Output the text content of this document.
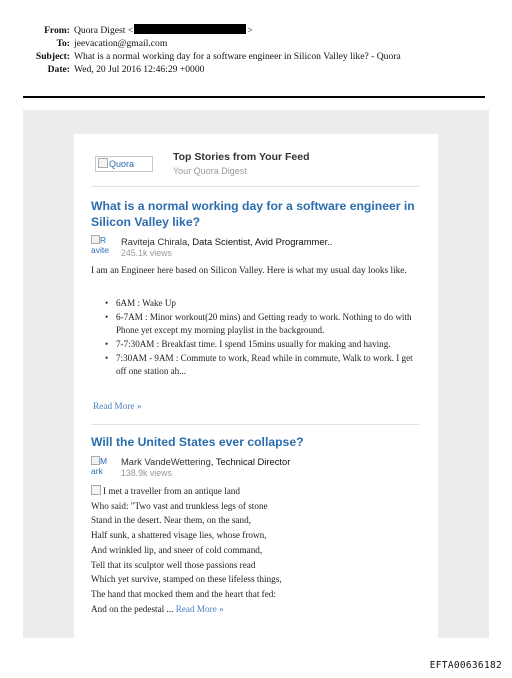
From: Quora Digest <	>
To: jeevacation@gmail.com
Subject: What is a normal working day for a software engineer in Silicon Valley like? - Quora
Date: Wed, 20 Jul 2016 12:46:29 +0000
Quora
Top Stories from Your Feed
Your Quora Digest
What is a normal working day for a software engineer in
Silicon Valley like?
R
avite
Raviteja Chirala, Data Scientist, Avid Programmer..
245.1k views
I am an Engineer here based on Silicon Valley. Here is what my usual day looks like.
• 6AM : Wake Up
• 6-7AM : Minor workout(20 mins) and Getting ready to work. Nothing to do with Phone yet except my morning playlist in the background.
• 7-7:30AM : Breakfast time. I spend 15mins usually for making and having.
• 7:30AM - 9AM : Commute to work, Read while in commute, Walk to work. I get off one station ah...
Read More »
Will the United States ever collapse?
M
ark
Mark VandeWettering, Technical Director
138.9k views
I met a traveller from an antique land
Who said: "Two vast and trunkless legs of stone
Stand in the desert. Near them, on the sand,
Half sunk, a shattered visage lies, whose frown,
And wrinkled lip, and sneer of cold command,
Tell that its sculptor well those passions read
Which yet survive, stamped on these lifeless things,
The hand that mocked them and the heart that fed:
And on the pedestal ... Read More »
EFTA00636182
